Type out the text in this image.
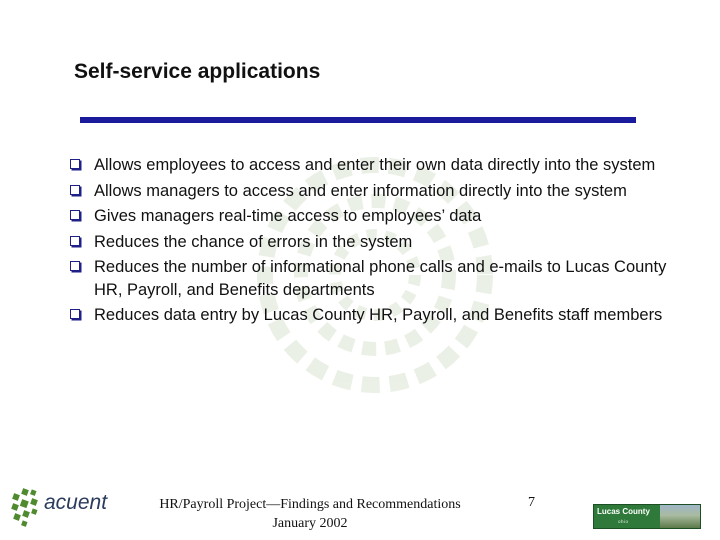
Self-service applications
Allows employees to access and enter their own data directly into the system
Allows managers to access and enter information directly into the system
Gives managers real-time access to employees’ data
Reduces the chance of errors in the system
Reduces the number of informational phone calls and e-mails to Lucas County HR, Payroll, and Benefits departments
Reduces data entry by Lucas County HR, Payroll, and Benefits staff members
acuent	HR/Payroll Project—Findings and Recommendations
January 2002
7
Lucas County
ohio
